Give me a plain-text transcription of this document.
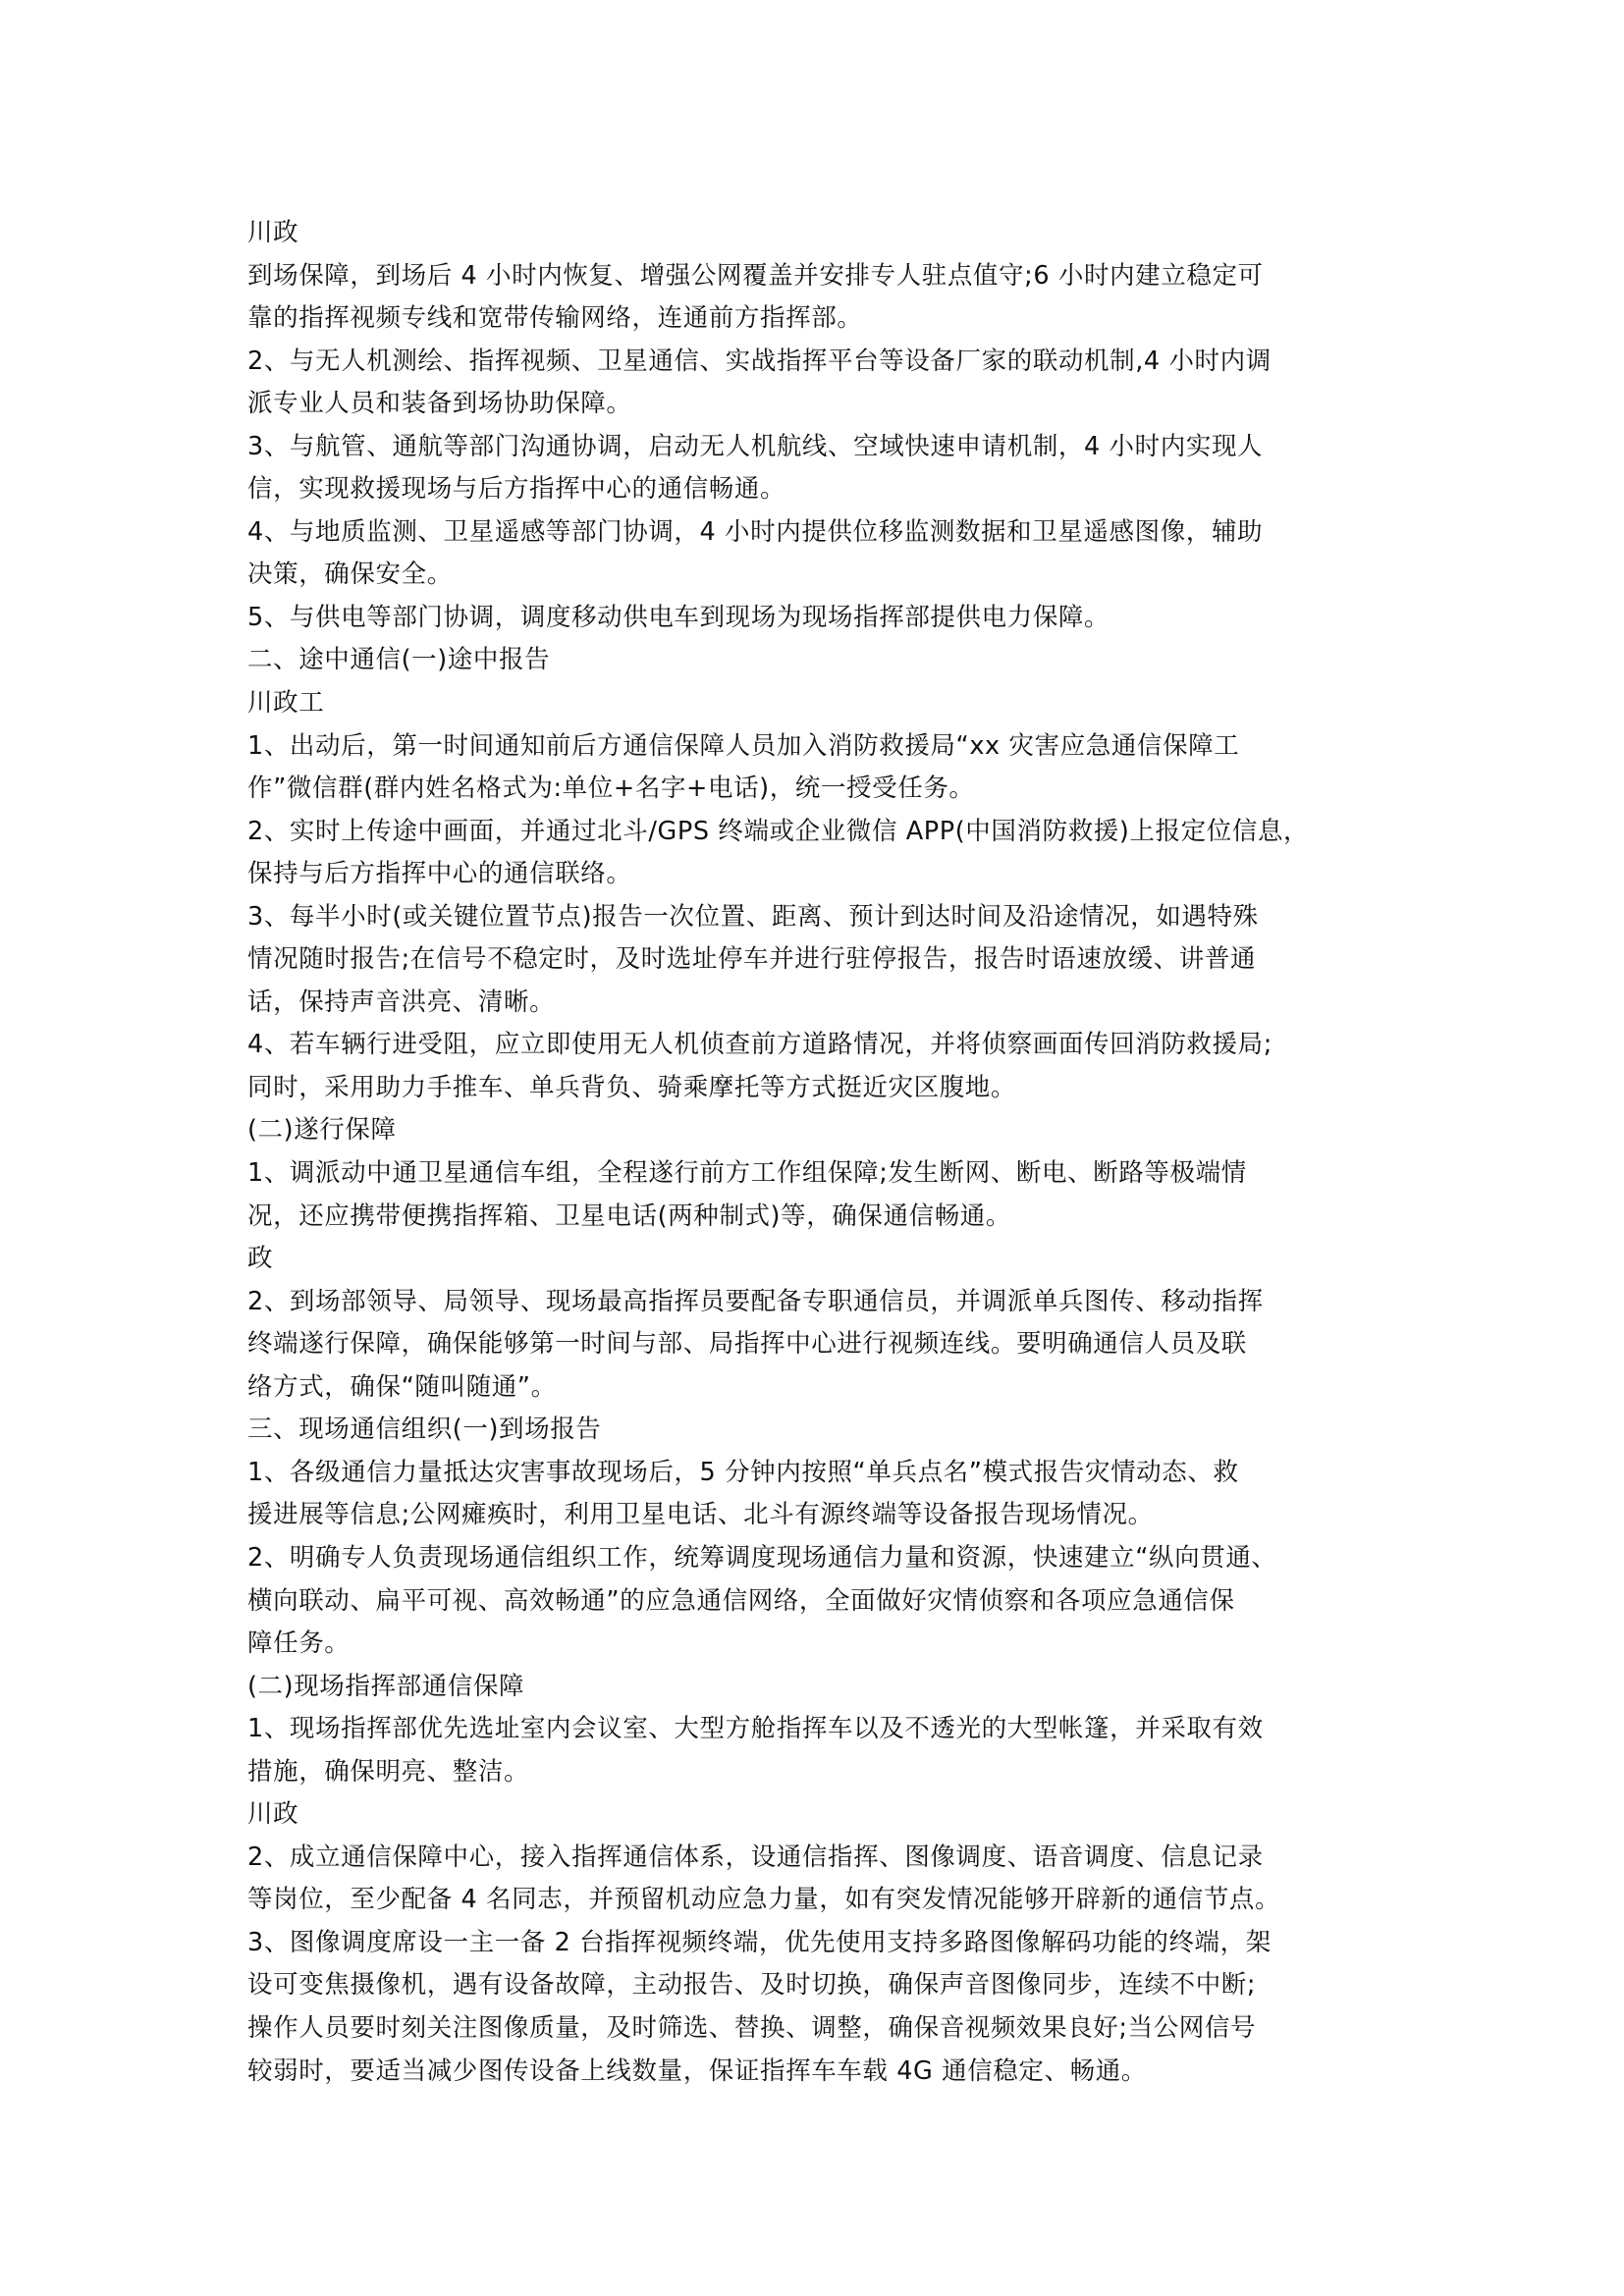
川政
到场保障，到场后 4 小时内恢复、增强公网覆盖并安排专人驻点值守;6 小时内建立稳定可
靠的指挥视频专线和宽带传输网络，连通前方指挥部。
2、与无人机测绘、指挥视频、卫星通信、实战指挥平台等设备厂家的联动机制,4 小时内调
派专业人员和装备到场协助保障。
3、与航管、通航等部门沟通协调，启动无人机航线、空域快速申请机制，4 小时内实现人
信，实现救援现场与后方指挥中心的通信畅通。
4、与地质监测、卫星遥感等部门协调，4 小时内提供位移监测数据和卫星遥感图像，辅助
决策，确保安全。
5、与供电等部门协调，调度移动供电车到现场为现场指挥部提供电力保障。
二、途中通信(一)途中报告
川政工
1、出动后，第一时间通知前后方通信保障人员加入消防救援局“xx 灾害应急通信保障工
作”微信群(群内姓名格式为:单位+名字+电话)，统一授受任务。
2、实时上传途中画面，并通过北斗/GPS 终端或企业微信 APP(中国消防救援)上报定位信息，
保持与后方指挥中心的通信联络。
3、每半小时(或关键位置节点)报告一次位置、距离、预计到达时间及沿途情况，如遇特殊
情况随时报告;在信号不稳定时，及时选址停车并进行驻停报告，报告时语速放缓、讲普通
话，保持声音洪亮、清晰。
4、若车辆行进受阻，应立即使用无人机侦查前方道路情况，并将侦察画面传回消防救援局;
同时，采用助力手推车、单兵背负、骑乘摩托等方式挺近灾区腹地。
(二)遂行保障
1、调派动中通卫星通信车组，全程遂行前方工作组保障;发生断网、断电、断路等极端情
况，还应携带便携指挥箱、卫星电话(两种制式)等，确保通信畅通。
政
2、到场部领导、局领导、现场最高指挥员要配备专职通信员，并调派单兵图传、移动指挥
终端遂行保障，确保能够第一时间与部、局指挥中心进行视频连线。要明确通信人员及联
络方式，确保“随叫随通”。
三、现场通信组织(一)到场报告
1、各级通信力量抵达灾害事故现场后，5 分钟内按照“单兵点名”模式报告灾情动态、救
援进展等信息;公网瘫痪时，利用卫星电话、北斗有源终端等设备报告现场情况。
2、明确专人负责现场通信组织工作，统筹调度现场通信力量和资源，快速建立“纵向贯通、
横向联动、扁平可视、高效畅通”的应急通信网络，全面做好灾情侦察和各项应急通信保
障任务。
(二)现场指挥部通信保障
1、现场指挥部优先选址室内会议室、大型方舱指挥车以及不透光的大型帐篷，并采取有效
措施，确保明亮、整洁。
川政
2、成立通信保障中心，接入指挥通信体系，设通信指挥、图像调度、语音调度、信息记录
等岗位，至少配备 4 名同志，并预留机动应急力量，如有突发情况能够开辟新的通信节点。
3、图像调度席设一主一备 2 台指挥视频终端，优先使用支持多路图像解码功能的终端，架
设可变焦摄像机，遇有设备故障，主动报告、及时切换，确保声音图像同步，连续不中断;
操作人员要时刻关注图像质量，及时筛选、替换、调整，确保音视频效果良好;当公网信号
较弱时，要适当减少图传设备上线数量，保证指挥车车载 4G 通信稳定、畅通。
